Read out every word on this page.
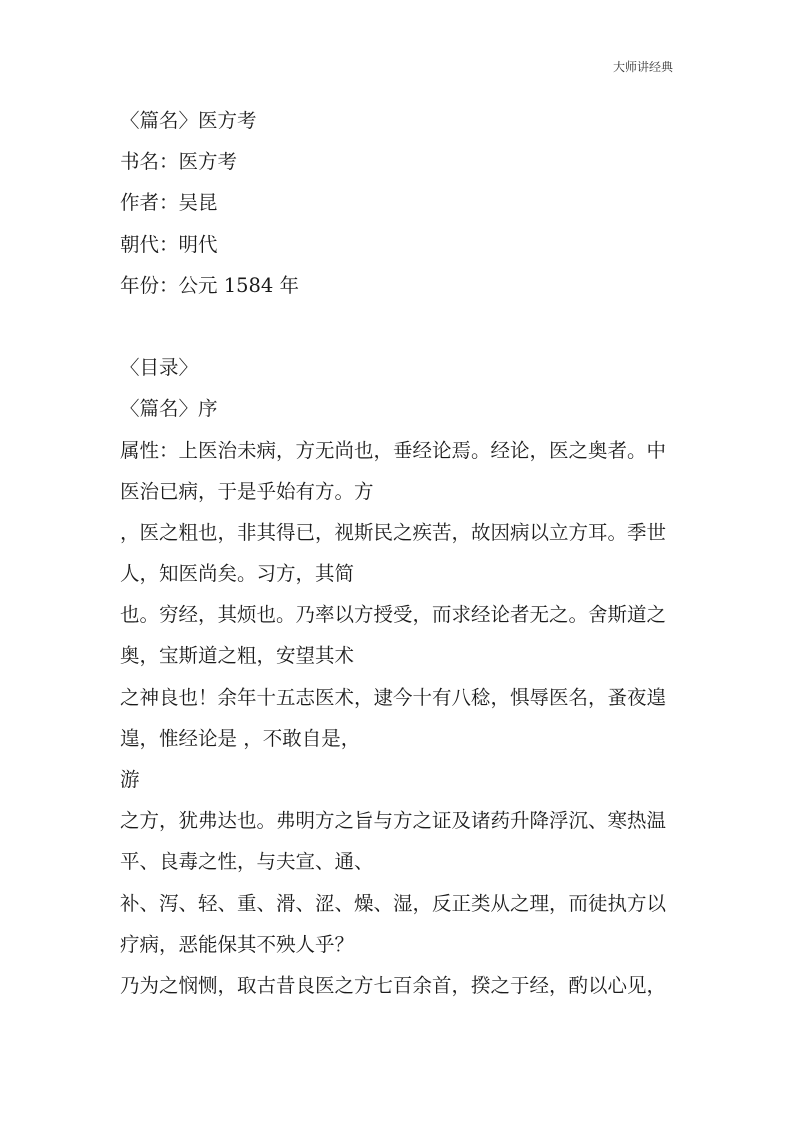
大师讲经典
〈篇名〉医方考
书名：医方考
作者：吴昆
朝代：明代
年份：公元 1584 年
〈目录〉
〈篇名〉序
属性：上医治未病，方无尚也，垂经论焉。经论，医之奥者。中
医治已病，于是乎始有方。方
，医之粗也，非其得已，视斯民之疾苦，故因病以立方耳。季世
人，知医尚矣。习方，其简
也。穷经，其烦也。乃率以方授受，而求经论者无之。舍斯道之
奥，宝斯道之粗，安望其术
之神良也！余年十五志医术，逮今十有八稔，惧辱医名，蚤夜遑
遑，惟经论是 ，不敢自是，
游
之方，犹弗达也。弗明方之旨与方之证及诸药升降浮沉、寒热温
平、良毒之性，与夫宣、通、
补、泻、轻、重、滑、涩、燥、湿，反正类从之理，而徒执方以
疗病，恶能保其不殃人乎？
乃为之悯恻，取古昔良医之方七百余首，揆之于经，酌以心见，
